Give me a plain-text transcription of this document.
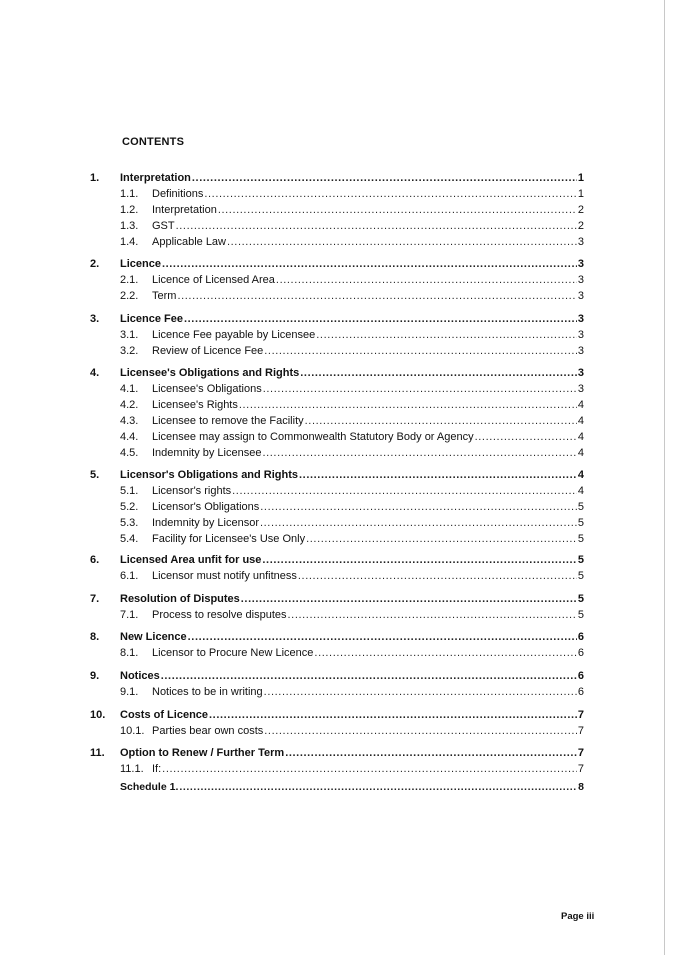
CONTENTS
1.	Interpretation .....	1
1.1.	Definitions .....	1
1.2.	Interpretation .....	2
1.3.	GST .....	2
1.4.	Applicable Law .....	3
2.	Licence .....	3
2.1.	Licence of Licensed Area .....	3
2.2.	Term .....	3
3.	Licence Fee .....	3
3.1.	Licence Fee payable by Licensee .....	3
3.2.	Review of Licence Fee .....	3
4.	Licensee's Obligations and Rights .....	3
4.1.	Licensee's Obligations .....	3
4.2.	Licensee's Rights .....	4
4.3.	Licensee to remove the Facility .....	4
4.4.	Licensee may assign to Commonwealth Statutory Body or Agency .....	4
4.5.	Indemnity by Licensee .....	4
5.	Licensor's Obligations and Rights .....	4
5.1.	Licensor's rights .....	4
5.2.	Licensor's Obligations .....	5
5.3.	Indemnity by Licensor .....	5
5.4.	Facility for Licensee's Use Only .....	5
6.	Licensed Area unfit for use .....	5
6.1.	Licensor must notify unfitness .....	5
7.	Resolution of Disputes .....	5
7.1.	Process to resolve disputes .....	5
8.	New Licence .....	6
8.1.	Licensor to Procure New Licence .....	6
9.	Notices .....	6
9.1.	Notices to be in writing .....	6
10.	Costs of Licence .....	7
10.1. Parties bear own costs .....	7
11.	Option to Renew / Further Term .....	7
11.1. If: .....	7
Schedule 1. .....	8
Page iii
